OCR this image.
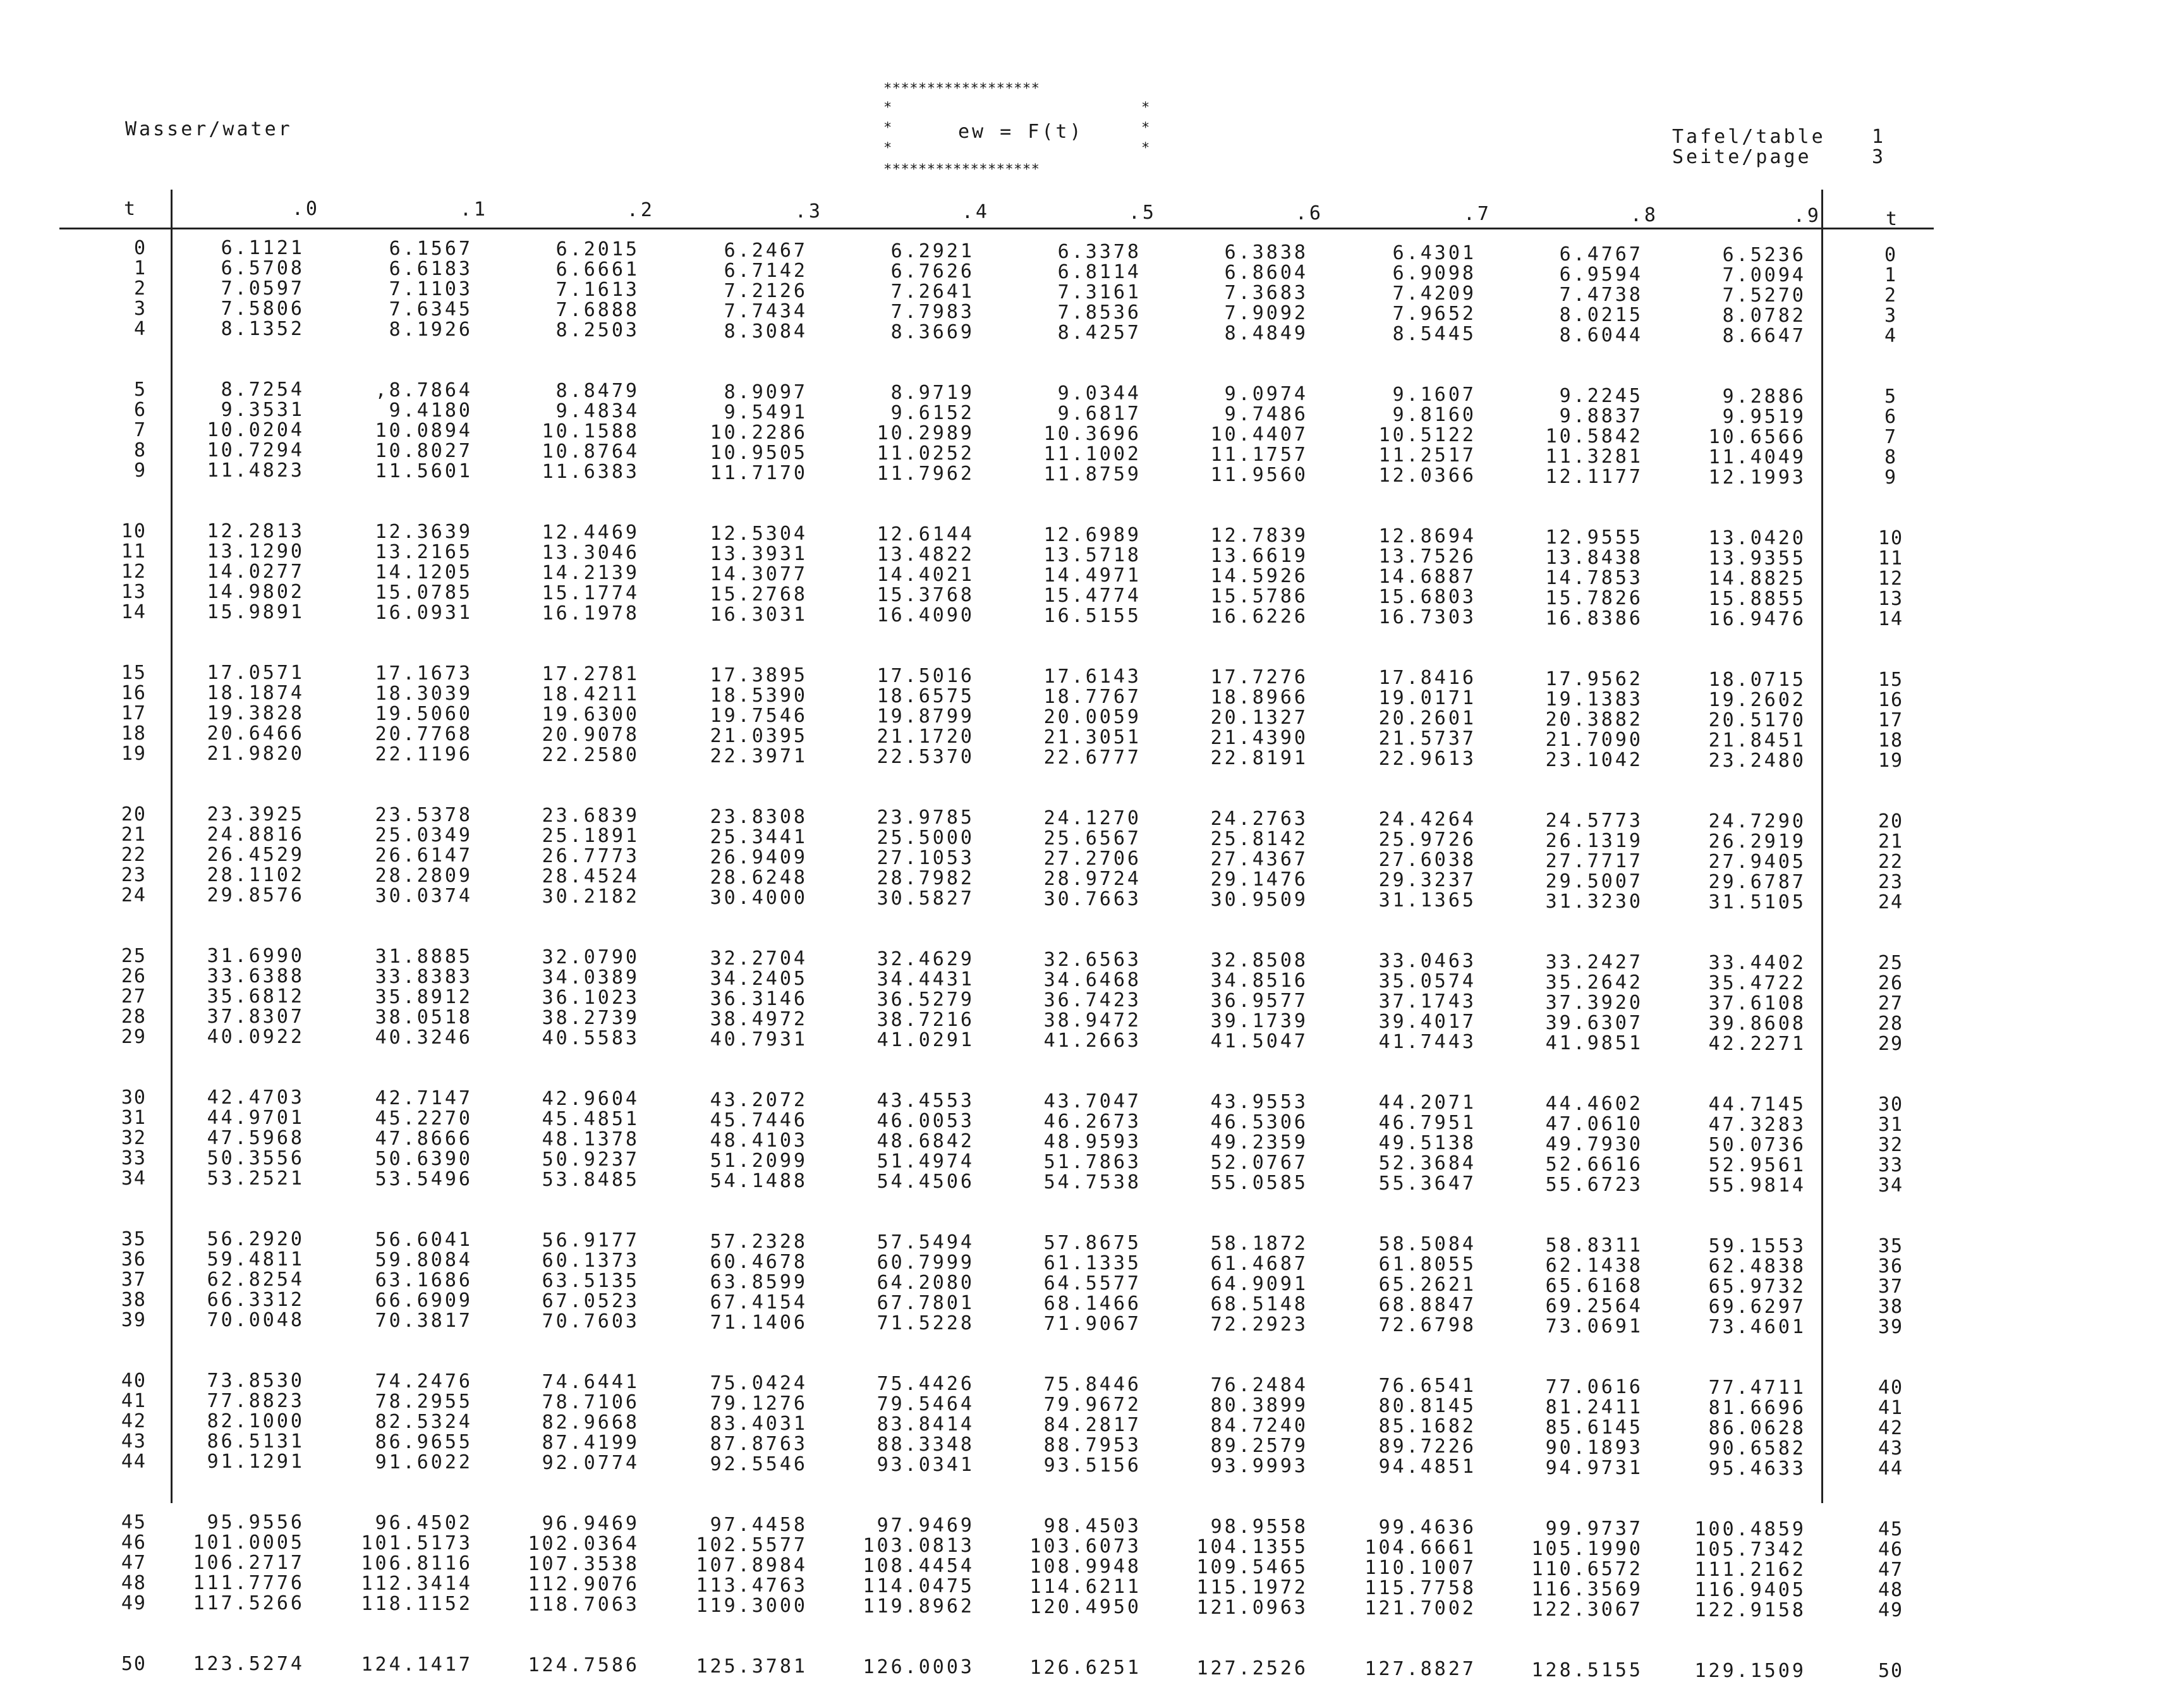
Wasser/water
******************
*	*
*	ew = F(t)	*
*	*
******************
Tafel/table 1
Seite/page	3
t	.0	.1	.2	.3	.4	.5	.6	.7	.8	.9	t
0	6.1121	6.1567	6.2015	6.2467	6.2921	6.3378	6.3838	6.4301	6.4767	6.5236	0
1	6.5708	6.6183	6.6661	6.7142	6.7626	6.8114	6.8604	6.9098	6.9594	7.0094	1
2	7.0597	7.1103	7.1613	7.2126	7.2641	7.3161	7.3683	7.4209	7.4738	7.5270	2
3	7.5806	7.6345	7.6888	7.7434	7.7983	7.8536	7.9092	7.9652	8.0215	8.0782	3
4	8.1352	8.1926	8.2503	8.3084	8.3669	8.4257	8.4849	8.5445	8.6044	8.6647	4
5	8.7254	,8.7864	8.8479	8.9097	8.9719	9.0344	9.0974	9.1607	9.2245	9.2886	5
6	9.3531	9.4180	9.4834	9.5491	9.6152	9.6817	9.7486	9.8160	9.8837	9.9519	6
7	10.0204	10.0894	10.1588	10.2286	10.2989	10.3696	10.4407	10.5122	10.5842	10.6566	7
8	10.7294	10.8027	10.8764	10.9505	11.0252	11.1002	11.1757	11.2517	11.3281	11.4049	8
9	11.4823	11.5601	11.6383	11.7170	11.7962	11.8759	11.9560	12.0366	12.1177	12.1993	9
10	12.2813	12.3639	12.4469	12.5304	12.6144	12.6989	12.7839	12.8694	12.9555	13.0420	10
11	13.1290	13.2165	13.3046	13.3931	13.4822	13.5718	13.6619	13.7526	13.8438	13.9355	11
12	14.0277	14.1205	14.2139	14.3077	14.4021	14.4971	14.5926	14.6887	14.7853	14.8825	12
13	14.9802	15.0785	15.1774	15.2768	15.3768	15.4774	15.5786	15.6803	15.7826	15.8855	13
14	15.9891	16.0931	16.1978	16.3031	16.4090	16.5155	16.6226	16.7303	16.8386	16.9476	14
15	17.0571	17.1673	17.2781	17.3895	17.5016	17.6143	17.7276	17.8416	17.9562	18.0715	15
16	18.1874	18.3039	18.4211	18.5390	18.6575	18.7767	18.8966	19.0171	19.1383	19.2602	16
17	19.3828	19.5060	19.6300	19.7546	19.8799	20.0059	20.1327	20.2601	20.3882	20.5170	17
18	20.6466	20.7768	20.9078	21.0395	21.1720	21.3051	21.4390	21.5737	21.7090	21.8451	18
19	21.9820	22.1196	22.2580	22.3971	22.5370	22.6777	22.8191	22.9613	23.1042	23.2480	19
20	23.3925	23.5378	23.6839	23.8308	23.9785	24.1270	24.2763	24.4264	24.5773	24.7290	20
21	24.8816	25.0349	25.1891	25.3441	25.5000	25.6567	25.8142	25.9726	26.1319	26.2919	21
22	26.4529	26.6147	26.7773	26.9409	27.1053	27.2706	27.4367	27.6038	27.7717	27.9405	22
23	28.1102	28.2809	28.4524	28.6248	28.7982	28.9724	29.1476	29.3237	29.5007	29.6787	23
24	29.8576	30.0374	30.2182	30.4000	30.5827	30.7663	30.9509	31.1365	31.3230	31.5105	24
25	31.6990	31.8885	32.0790	32.2704	32.4629	32.6563	32.8508	33.0463	33.2427	33.4402	25
26	33.6388	33.8383	34.0389	34.2405	34.4431	34.6468	34.8516	35.0574	35.2642	35.4722	26
27	35.6812	35.8912	36.1023	36.3146	36.5279	36.7423	36.9577	37.1743	37.3920	37.6108	27
28	37.8307	38.0518	38.2739	38.4972	38.7216	38.9472	39.1739	39.4017	39.6307	39.8608	28
29	40.0922	40.3246	40.5583	40.7931	41.0291	41.2663	41.5047	41.7443	41.9851	42.2271	29
30	42.4703	42.7147	42.9604	43.2072	43.4553	43.7047	43.9553	44.2071	44.4602	44.7145	30
31	44.9701	45.2270	45.4851	45.7446	46.0053	46.2673	46.5306	46.7951	47.0610	47.3283	31
32	47.5968	47.8666	48.1378	48.4103	48.6842	48.9593	49.2359	49.5138	49.7930	50.0736	32
33	50.3556	50.6390	50.9237	51.2099	51.4974	51.7863	52.0767	52.3684	52.6616	52.9561	33
34	53.2521	53.5496	53.8485	54.1488	54.4506	54.7538	55.0585	55.3647	55.6723	55.9814	34
35	56.2920	56.6041	56.9177	57.2328	57.5494	57.8675	58.1872	58.5084	58.8311	59.1553	35
36	59.4811	59.8084	60.1373	60.4678	60.7999	61.1335	61.4687	61.8055	62.1438	62.4838	36
37	62.8254	63.1686	63.5135	63.8599	64.2080	64.5577	64.9091	65.2621	65.6168	65.9732	37
38	66.3312	66.6909	67.0523	67.4154	67.7801	68.1466	68.5148	68.8847	69.2564	69.6297	38
39	70.0048	70.3817	70.7603	71.1406	71.5228	71.9067	72.2923	72.6798	73.0691	73.4601	39
40	73.8530	74.2476	74.6441	75.0424	75.4426	75.8446	76.2484	76.6541	77.0616	77.4711	40
41	77.8823	78.2955	78.7106	79.1276	79.5464	79.9672	80.3899	80.8145	81.2411	81.6696	41
42	82.1000	82.5324	82.9668	83.4031	83.8414	84.2817	84.7240	85.1682	85.6145	86.0628	42
43	86.5131	86.9655	87.4199	87.8763	88.3348	88.7953	89.2579	89.7226	90.1893	90.6582	43
44	91.1291	91.6022	92.0774	92.5546	93.0341	93.5156	93.9993	94.4851	94.9731	95.4633	44
45	95.9556	96.4502	96.9469	97.4458	97.9469	98.4503	98.9558	99.4636	99.9737	100.4859	45
46	101.0005	101.5173	102.0364	102.5577	103.0813	103.6073	104.1355	104.6661	105.1990	105.7342	46
47	106.2717	106.8116	107.3538	107.8984	108.4454	108.9948	109.5465	110.1007	110.6572	111.2162	47
48	111.7776	112.3414	112.9076	113.4763	114.0475	114.6211	115.1972	115.7758	116.3569	116.9405	48
49	117.5266	118.1152	118.7063	119.3000	119.8962	120.4950	121.0963	121.7002	122.3067	122.9158	49
50	123.5274	124.1417	124.7586	125.3781	126.0003	126.6251	127.2526	127.8827	128.5155	129.1509	50
